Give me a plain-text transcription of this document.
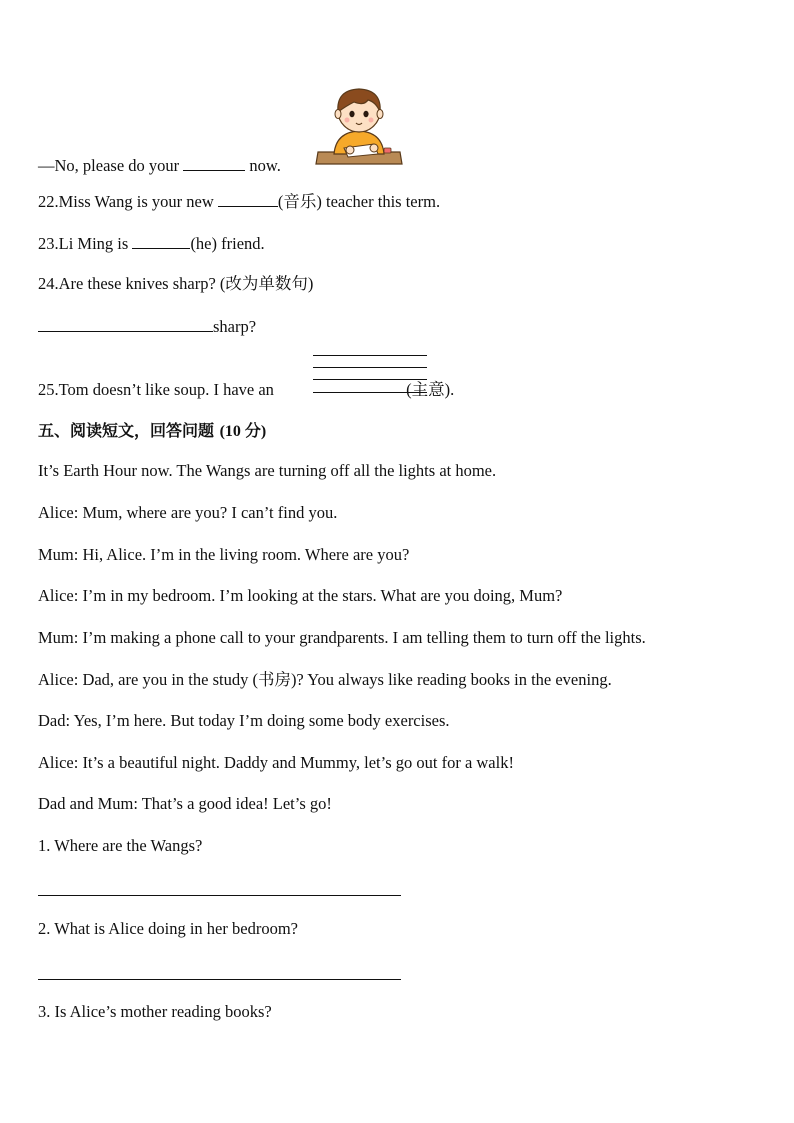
—No, please do your	now.
22.Miss Wang is your new	(音乐) teacher this term.
23.Li Ming is	(he) friend.
24.Are these knives sharp? (改为单数句)
sharp?
25.Tom doesn’t like soup. I have an	(主意).
五、阅读短文，回答问题 (10 分)
It’s Earth Hour now. The Wangs are turning off all the lights at home.
Alice: Mum, where are you? I can’t find you.
Mum: Hi, Alice. I’m in the living room. Where are you?
Alice: I’m in my bedroom. I’m looking at the stars. What are you doing, Mum?
Mum: I’m making a phone call to your grandparents. I am telling them to turn off the lights.
Alice: Dad, are you in the study (书房)? You always like reading books in the evening.
Dad: Yes, I’m here. But today I’m doing some body exercises.
Alice: It’s a beautiful night. Daddy and Mummy, let’s go out for a walk!
Dad and Mum: That’s a good idea! Let’s go!
1. Where are the Wangs?
2. What is Alice doing in her bedroom?
3. Is Alice’s mother reading books?
